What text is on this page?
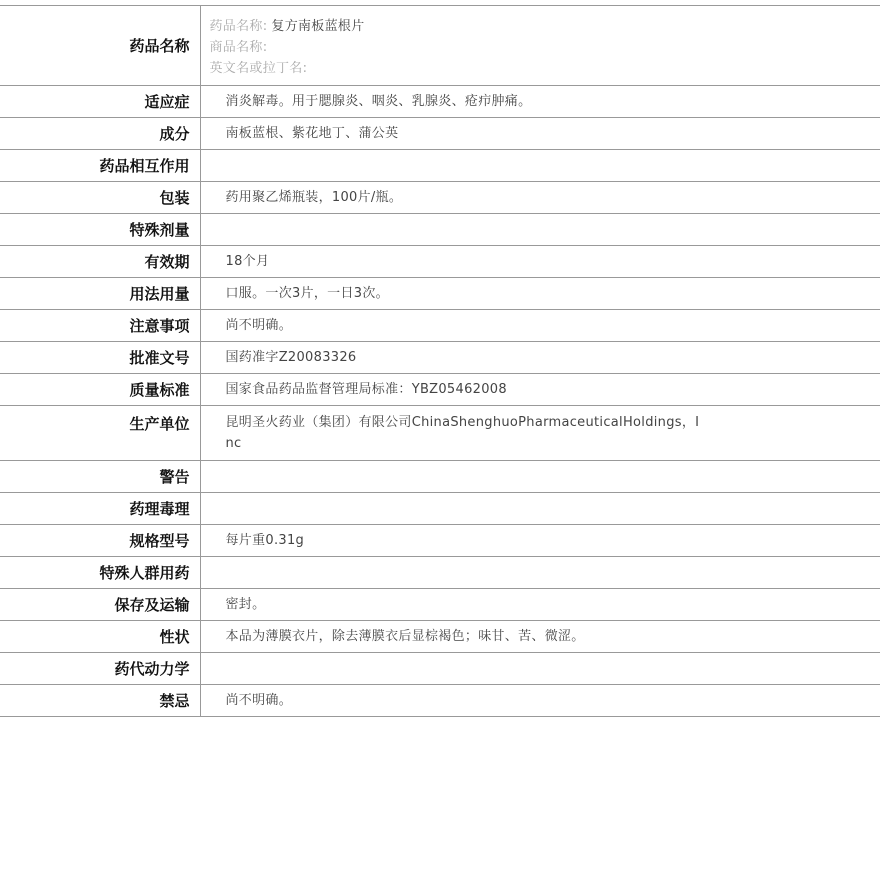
药品名称	药品名称: 复方南板蓝根片
商品名称:
英文名或拉丁名:

适应症	消炎解毒。用于腮腺炎、咽炎、乳腺炎、疮疖肿痛。
成分	南板蓝根、紫花地丁、蒲公英
药品相互作用	
包装	药用聚乙烯瓶装，100片/瓶。
特殊剂量	
有效期	18个月
用法用量	口服。一次3片，一日3次。
注意事项	尚不明确。
批准文号	国药准字Z20083326
质量标准	国家食品药品监督管理局标准：YBZ05462008
生产单位	昆明圣火药业（集团）有限公司ChinaShenghuoPharmaceuticalHoldings，Inc
警告	
药理毒理	
规格型号	每片重0.31g
特殊人群用药	
保存及运输	密封。
性状	本品为薄膜衣片，除去薄膜衣后显棕褐色；味甘、苦、微涩。
药代动力学	
禁忌	尚不明确。
